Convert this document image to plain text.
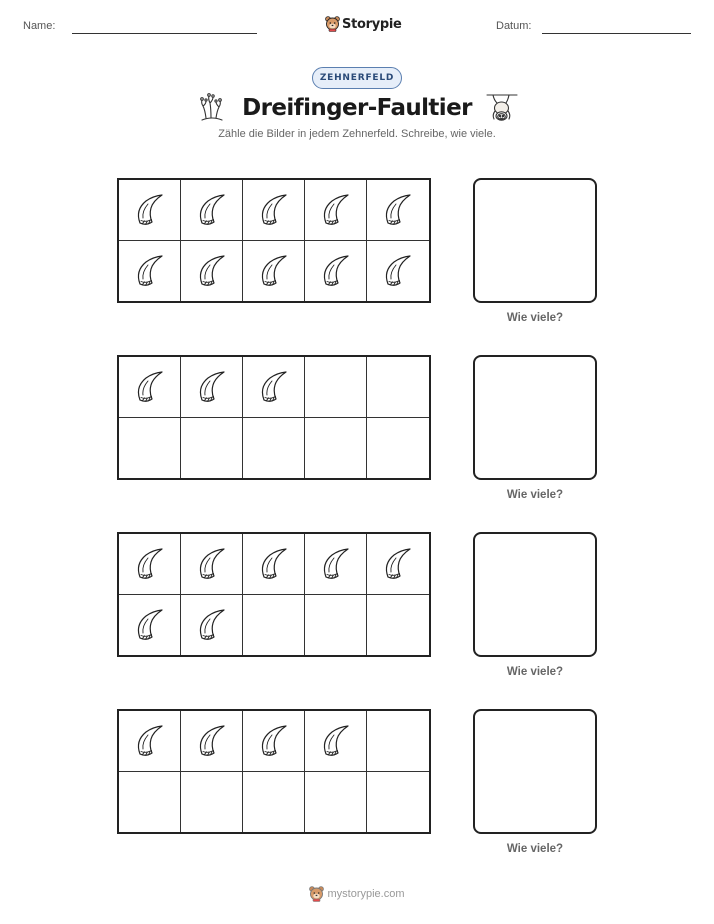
Name:	Storypie	Datum:
ZEHNERFELD
Dreifinger-Faultier
Zähle die Bilder in jedem Zehnerfeld. Schreibe, wie viele.
Wie viele?
Wie viele?
Wie viele?
Wie viele?
mystorypie.com
